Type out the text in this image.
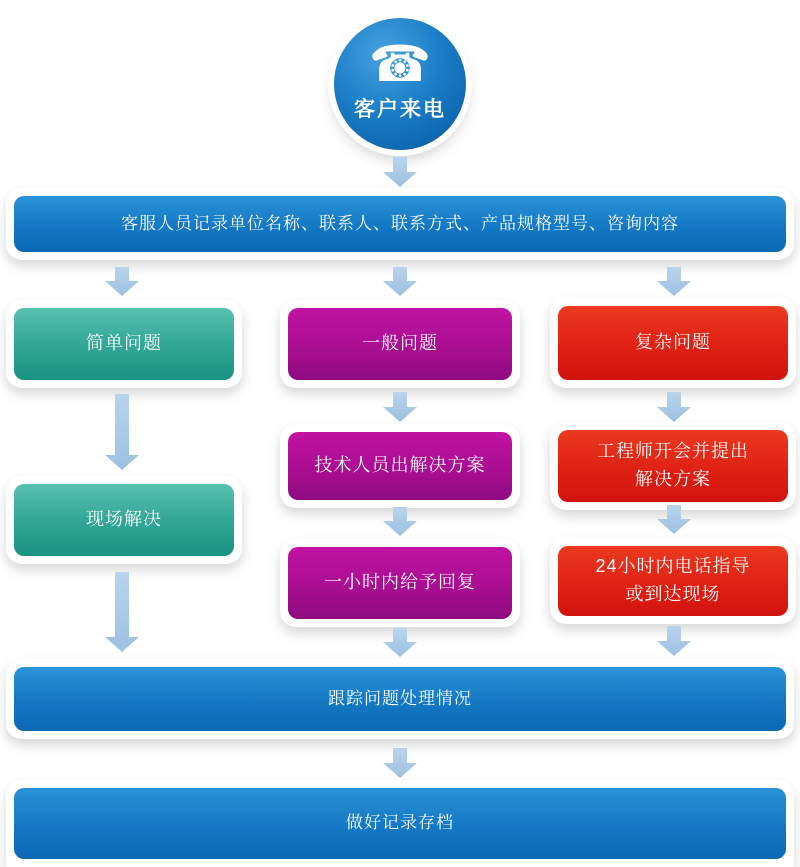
☎
客户来电
客服人员记录单位名称、联系人、联系方式、产品规格型号、咨询内容
简单问题	一般问题	复杂问题
现场解决
技术人员出解决方案
工程师开会并提出
解决方案
一小时内给予回复
24小时内电话指导
或到达现场
跟踪问题处理情况
做好记录存档
